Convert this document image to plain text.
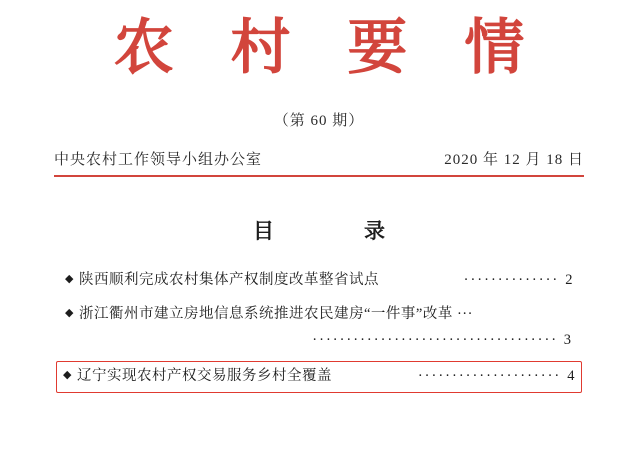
农 村 要 情
（第 60 期）
中央农村工作领导小组办公室	2020 年 12 月 18 日
目　　录
◆ 陕西顺利完成农村集体产权制度改革整省试点	　·············· 2
◆ 浙江衢州市建立房地信息系统推进农民建房“一件事”改革 ···
···································· 3
◆ 辽宁实现农村产权交易服务乡村全覆盖	　····················· 4
